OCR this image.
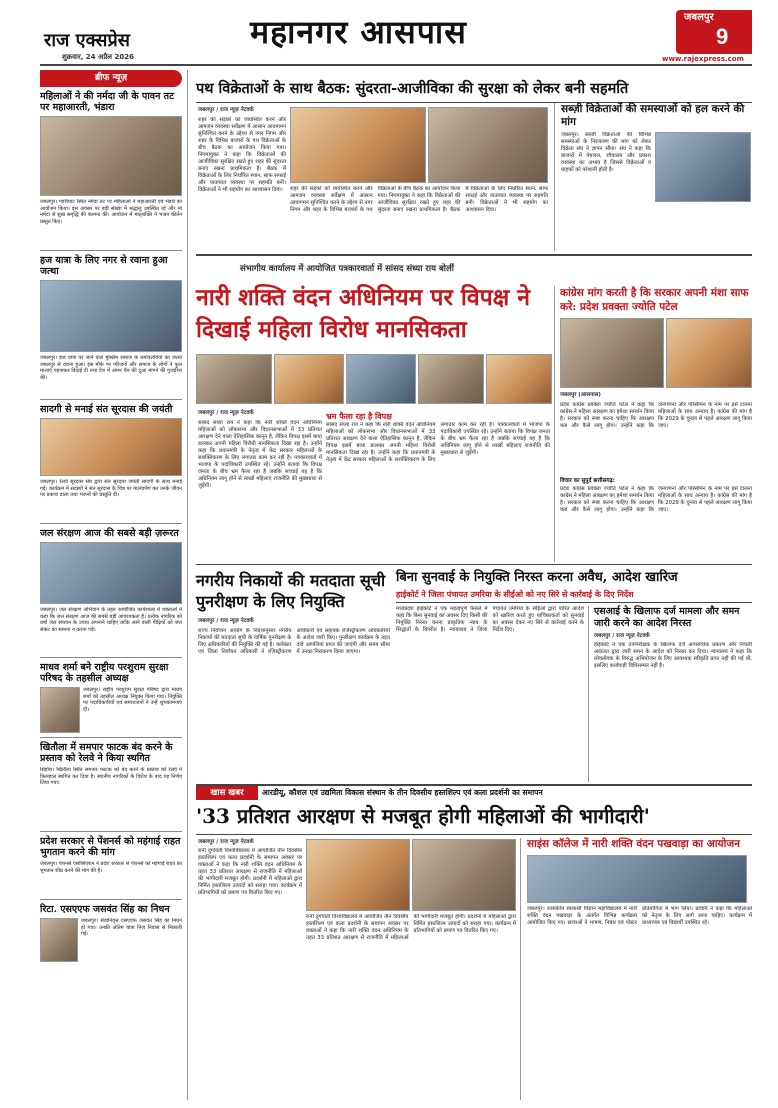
राज एक्सप्रेस
शुक्रवार, 24 अप्रैल 2026
महानगर आसपास	जबलपुर
9
www.rajexpress.com
ब्रीफ न्यूज़
महिलाओं ने की नर्मदा जी के पावन तट पर महाआरती, भंडारा
जबलपुर। ग्वारीघाट स्थित नर्मदा तट पर महिलाओं ने महाआरती एवं भंडारे का आयोजन किया। इस अवसर पर बड़ी संख्या में श्रद्धालु उपस्थित रहे और मां नर्मदा से सुख समृद्धि की कामना की। आयोजन में मातृशक्ति ने भजन कीर्तन प्रस्तुत किए।
हज यात्रा के लिए नगर से रवाना हुआ जत्था
जबलपुर। हज यात्रा पर जाने वाले मुस्लिम समाज के धर्मावलंबियों का जत्था जबलपुर से रवाना हुआ। इस मौके पर परिजनों और समाज के लोगों ने फूल मालाएं पहनाकर विदाई दी तथा देश में अमन चैन की दुआ मांगने की गुजारिश की।
सादगी से मनाई संत सूरदास की जयंती
जबलपुर। रेलवे सूरदास संघ द्वारा संत सूरदास जयंती सादगी के साथ मनाई गई। कार्यक्रम में सदस्यों ने संत सूरदास के चित्र पर माल्यार्पण कर उनके जीवन पर प्रकाश डाला तथा भजनों की प्रस्तुति दी।
जल संरक्षण आज की सबसे बड़ी ज़रूरत
जबलपुर। जल संरक्षण अभियान के तहत आयोजित कार्यशाला में वक्ताओं ने कहा कि जल संरक्षण आज की सबसे बड़ी आवश्यकता है। प्रत्येक नागरिक को वर्षा जल संचयन के उपाय अपनाने चाहिए ताकि आने वाली पीढ़ियों को जल संकट का सामना न करना पड़े।
माधव शर्मा बने राष्ट्रीय परशुराम सुरक्षा परिषद के तहसील अध्यक्ष
जबलपुर। राष्ट्रीय परशुराम सुरक्षा परिषद द्वारा माधव शर्मा को तहसील अध्यक्ष नियुक्त किया गया। नियुक्ति पर पदाधिकारियों एवं समाजजनों ने उन्हें शुभकामनाएं दीं।
खितौला में समपार फाटक बंद करने के प्रस्ताव को रेलवे ने किया स्थगित
सिहोरा। खितौला स्थित समपार फाटक को बंद करने के प्रस्ताव को रेलवे ने फिलहाल स्थगित कर दिया है। स्थानीय नागरिकों के विरोध के बाद यह निर्णय लिया गया।
प्रदेश सरकार से पेंशनर्स को महंगाई राहत भुगतान करने की मांग
जबलपुर। पेंशनर्स एसोसिएशन ने प्रदेश सरकार से पेंशनर्स को महंगाई राहत का भुगतान शीघ्र करने की मांग की है।
रिटा. एसएएफ जसवंत सिंह का निधन
जबलपुर। सेवानिवृत्त एसएएफ जसवंत सिंह का निधन हो गया। उनकी अंतिम यात्रा निज निवास से निकाली गई।
पथ विक्रेताओं के साथ बैठक: सुंदरता-आजीविका की सुरक्षा को लेकर बनी सहमति
जबलपुर / राज न्यूज़ नेटवर्क
शहर की सड़कों को व्यवस्थित करने और आमजन व्यवस्था सर्वेक्षण में आसान आवागमन सुनिश्चित करने के उद्देश्य से नगर निगम और शहर के विभिन्न बाजारों के पथ विक्रेताओं के बीच बैठक का आयोजन किया गया। निगमायुक्त ने कहा कि विक्रेताओं की आजीविका सुरक्षित रखते हुए शहर की सुंदरता बनाए रखना प्राथमिकता है। बैठक में विक्रेताओं के लिए निर्धारित स्थान, साफ सफाई और यातायात व्यवस्था पर सहमति बनी। विक्रेताओं ने भी सहयोग का आश्वासन दिया।	शहर की सड़कों को व्यवस्थित करने और आमजन व्यवस्था सर्वेक्षण में आसान आवागमन सुनिश्चित करने के उद्देश्य से नगर निगम और शहर के विभिन्न बाजारों के पथ विक्रेताओं के बीच बैठक का आयोजन किया गया। निगमायुक्त ने कहा कि विक्रेताओं की आजीविका सुरक्षित रखते हुए शहर की सुंदरता बनाए रखना प्राथमिकता है। बैठक में विक्रेताओं के लिए निर्धारित स्थान, साफ सफाई और यातायात व्यवस्था पर सहमति बनी। विक्रेताओं ने भी सहयोग का आश्वासन दिया।
सब्ज़ी विक्रेताओं की समस्याओं को हल करने की मांग
जबलपुर। सब्जी विक्रेताओं की विभिन्न समस्याओं के निराकरण की मांग को लेकर विक्रेता संघ ने ज्ञापन सौंपा। संघ ने कहा कि बाजारों में पेयजल, शौचालय और प्रकाश व्यवस्था का अभाव है जिससे विक्रेताओं व ग्राहकों को परेशानी होती है।
संभागीय कार्यालय में आयोजित पत्रकारवार्ता में सांसद संध्या राय बोलीं
नारी शक्ति वंदन अधिनियम पर विपक्ष ने दिखाई महिला विरोध मानसिकता
जबलपुर / राज न्यूज़ नेटवर्क
सांसद संध्या राय ने कहा कि नारी शक्ति वंदन अधिनियम महिलाओं को लोकसभा और विधानसभाओं में 33 प्रतिशत आरक्षण देने वाला ऐतिहासिक कानून है, लेकिन विपक्ष इसमें बाधा डालकर अपनी महिला विरोधी मानसिकता दिखा रहा है। उन्होंने कहा कि प्रधानमंत्री के नेतृत्व में केंद्र सरकार महिलाओं के सशक्तिकरण के लिए लगातार काम कर रही है। पत्रकारवार्ता में भाजपा के पदाधिकारी उपस्थित रहे। उन्होंने बताया कि विपक्ष जनता के बीच भ्रम फैला रहा है जबकि सच्चाई यह है कि अधिनियम लागू होने से लाखों महिलाएं राजनीति की मुख्यधारा से जुड़ेंगी।
भ्रम फैला रहा है विपक्ष
सांसद संध्या राय ने कहा कि नारी शक्ति वंदन अधिनियम महिलाओं को लोकसभा और विधानसभाओं में 33 प्रतिशत आरक्षण देने वाला ऐतिहासिक कानून है, लेकिन विपक्ष इसमें बाधा डालकर अपनी महिला विरोधी मानसिकता दिखा रहा है। उन्होंने कहा कि प्रधानमंत्री के नेतृत्व में केंद्र सरकार महिलाओं के सशक्तिकरण के लिए लगातार काम कर रही है। पत्रकारवार्ता में भाजपा के पदाधिकारी उपस्थित रहे। उन्होंने बताया कि विपक्ष जनता के बीच भ्रम फैला रहा है जबकि सच्चाई यह है कि अधिनियम लागू होने से लाखों महिलाएं राजनीति की मुख्यधारा से जुड़ेंगी।
कांग्रेस मांग करती है कि सरकार अपनी मंशा साफ करे: प्रदेश प्रवक्ता ज्योति पटेल
जबलपुर (आसपास)
प्रदेश कांग्रेस प्रवक्ता ज्योति पटेल ने कहा कि कांग्रेस ने महिला आरक्षण का हमेशा समर्थन किया है। सरकार को स्पष्ट करना चाहिए कि आरक्षण कब और कैसे लागू होगा। उन्होंने कहा कि जनगणना और परिसीमन के नाम पर इसे टालना महिलाओं के साथ अन्याय है। कांग्रेस की मांग है कि 2029 के चुनाव से पहले आरक्षण लागू किया जाए।
विचार का सुपुर्द छत्तीसगढ़:
प्रदेश कांग्रेस प्रवक्ता ज्योति पटेल ने कहा कि कांग्रेस ने महिला आरक्षण का हमेशा समर्थन किया है। सरकार को स्पष्ट करना चाहिए कि आरक्षण कब और कैसे लागू होगा। उन्होंने कहा कि जनगणना और परिसीमन के नाम पर इसे टालना महिलाओं के साथ अन्याय है। कांग्रेस की मांग है कि 2029 के चुनाव से पहले आरक्षण लागू किया जाए।
नगरीय निकायों की मतदाता सूची पुनरीक्षण के लिए नियुक्ति
जबलपुर / राज न्यूज़ नेटवर्क
राज्य निर्वाचन आयोग के निर्देशानुसार नगरीय निकायों की मतदाता सूची के वार्षिक पुनरीक्षण के लिए अधिकारियों की नियुक्ति की गई है। कलेक्टर एवं जिला निर्वाचन अधिकारी ने रजिस्ट्रीकरण अधिकारी एवं सहायक रजिस्ट्रीकरण अधिकारियों के आदेश जारी किए। पुनरीक्षण कार्यक्रम के तहत दावे आपत्तियां प्राप्त की जाएंगी और समय सीमा में उनका निराकरण किया जाएगा।
बिना सुनवाई के नियुक्ति निरस्त करना अवैध, आदेश खारिज
हाईकोर्ट ने जिला पंचायत उमरिया के सीईओ को नए सिरे से कार्रवाई के दिए निर्देश
मध्यप्रदेश हाईकोर्ट ने एक महत्वपूर्ण फैसले में कहा कि बिना सुनवाई का अवसर दिए किसी की नियुक्ति निरस्त करना प्राकृतिक न्याय के सिद्धांतों के विपरीत है। न्यायालय ने जिला पंचायत उमरिया के सीईओ द्वारा पारित आदेश को खारिज करते हुए याचिकाकर्ता को सुनवाई का अवसर देकर नए सिरे से कार्रवाई करने के निर्देश दिए।
एसआई के खिलाफ दर्ज मामला और समन जारी करने का आदेश निरस्त
जबलपुर / राज न्यूज़ नेटवर्क
हाईकोर्ट ने एक उपनिरीक्षक के खिलाफ दर्ज आपराधिक प्रकरण और निचली अदालत द्वारा जारी समन के आदेश को निरस्त कर दिया। न्यायालय ने कहा कि लोकसेवक के विरुद्ध अभियोजन के लिए आवश्यक स्वीकृति प्राप्त नहीं की गई थी, इसलिए कार्यवाही विधिसम्मत नहीं है।
खास खबर	आरडीयू, कौशल एवं उद्यमिता विकास संस्थान के तीन दिवसीय हस्तशिल्प एवं कला प्रदर्शनी का समापन
'33 प्रतिशत आरक्षण से मजबूत होगी महिलाओं की भागीदारी'
जबलपुर / राज न्यूज़ नेटवर्क
रानी दुर्गावती विश्वविद्यालय में आयोजित तीन दिवसीय हस्तशिल्प एवं कला प्रदर्शनी के समापन अवसर पर वक्ताओं ने कहा कि नारी शक्ति वंदन अधिनियम के तहत 33 प्रतिशत आरक्षण से राजनीति में महिलाओं की भागीदारी मजबूत होगी। प्रदर्शनी में महिलाओं द्वारा निर्मित हस्तशिल्प उत्पादों को सराहा गया। कार्यक्रम में प्रतिभागियों को प्रमाण पत्र वितरित किए गए।
रानी दुर्गावती विश्वविद्यालय में आयोजित तीन दिवसीय हस्तशिल्प एवं कला प्रदर्शनी के समापन अवसर पर वक्ताओं ने कहा कि नारी शक्ति वंदन अधिनियम के तहत 33 प्रतिशत आरक्षण से राजनीति में महिलाओं की भागीदारी मजबूत होगी। प्रदर्शनी में महिलाओं द्वारा निर्मित हस्तशिल्प उत्पादों को सराहा गया। कार्यक्रम में प्रतिभागियों को प्रमाण पत्र वितरित किए गए।
साइंस कॉलेज में नारी शक्ति वंदन पखवाड़ा का आयोजन
जबलपुर। शासकीय स्वशासी विज्ञान महाविद्यालय में नारी शक्ति वंदन पखवाड़ा के अंतर्गत विभिन्न कार्यक्रम आयोजित किए गए। छात्राओं ने भाषण, निबंध एवं पोस्टर प्रतियोगिता में भाग लिया। प्राचार्य ने कहा कि महिलाओं को नेतृत्व के लिए आगे आना चाहिए। कार्यक्रम में प्राध्यापक एवं विद्यार्थी उपस्थित रहे।
